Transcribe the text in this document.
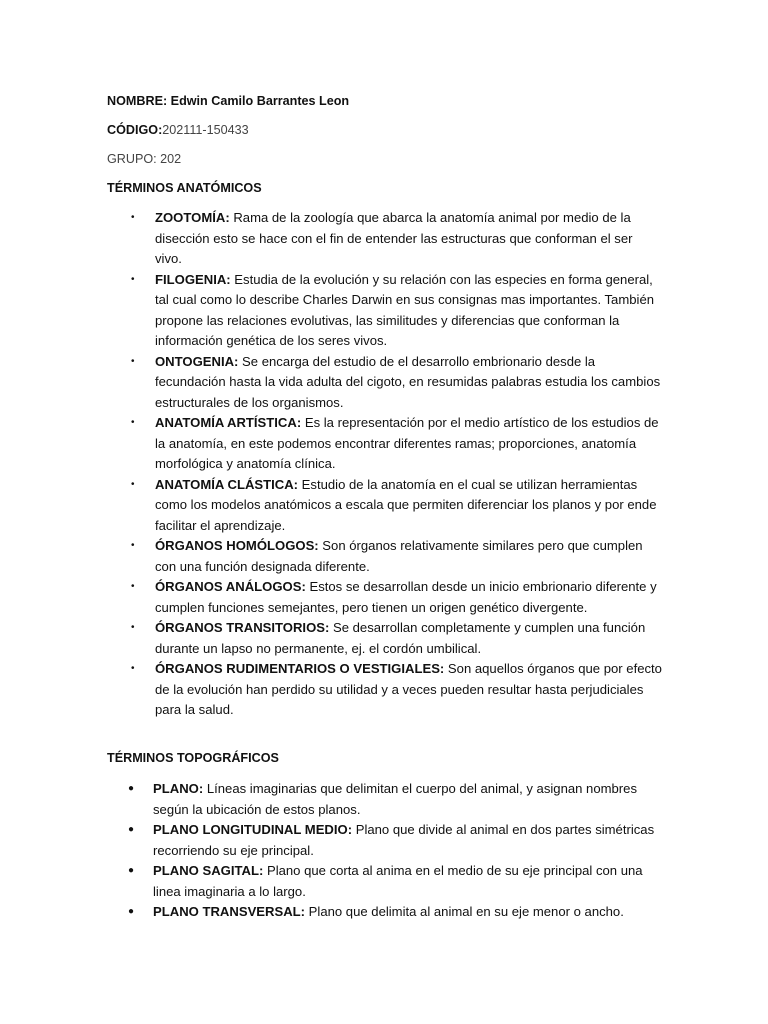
NOMBRE: Edwin Camilo Barrantes Leon
CÓDIGO:202111-150433
GRUPO: 202
TÉRMINOS ANATÓMICOS
• ZOOTOMÍA: Rama de la zoología que abarca la anatomía animal por medio de la disección esto se hace con el fin de entender las estructuras que conforman el ser vivo.
• FILOGENIA: Estudia de la evolución y su relación con las especies en forma general, tal cual como lo describe Charles Darwin en sus consignas mas importantes. También propone las relaciones evolutivas, las similitudes y diferencias que conforman la información genética de los seres vivos.
• ONTOGENIA: Se encarga del estudio de el desarrollo embrionario desde la fecundación hasta la vida adulta del cigoto, en resumidas palabras estudia los cambios estructurales de los organismos.
• ANATOMÍA ARTÍSTICA: Es la representación por el medio artístico de los estudios de la anatomía, en este podemos encontrar diferentes ramas; proporciones, anatomía morfológica y anatomía clínica.
• ANATOMÍA CLÁSTICA: Estudio de la anatomía en el cual se utilizan herramientas como los modelos anatómicos a escala que permiten diferenciar los planos y por ende facilitar el aprendizaje.
• ÓRGANOS HOMÓLOGOS: Son órganos relativamente similares pero que cumplen con una función designada diferente.
• ÓRGANOS ANÁLOGOS: Estos se desarrollan desde un inicio embrionario diferente y cumplen funciones semejantes, pero tienen un origen genético divergente.
• ÓRGANOS TRANSITORIOS: Se desarrollan completamente y cumplen una función durante un lapso no permanente, ej. el cordón umbilical.
• ÓRGANOS RUDIMENTARIOS O VESTIGIALES: Son aquellos órganos que por efecto de la evolución han perdido su utilidad y a veces pueden resultar hasta perjudiciales para la salud.
TÉRMINOS TOPOGRÁFICOS
● PLANO: Líneas imaginarias que delimitan el cuerpo del animal, y asignan nombres según la ubicación de estos planos.
● PLANO LONGITUDINAL MEDIO: Plano que divide al animal en dos partes simétricas recorriendo su eje principal.
● PLANO SAGITAL: Plano que corta al anima en el medio de su eje principal con una linea imaginaria a lo largo.
● PLANO TRANSVERSAL: Plano que delimita al animal en su eje menor o ancho.
